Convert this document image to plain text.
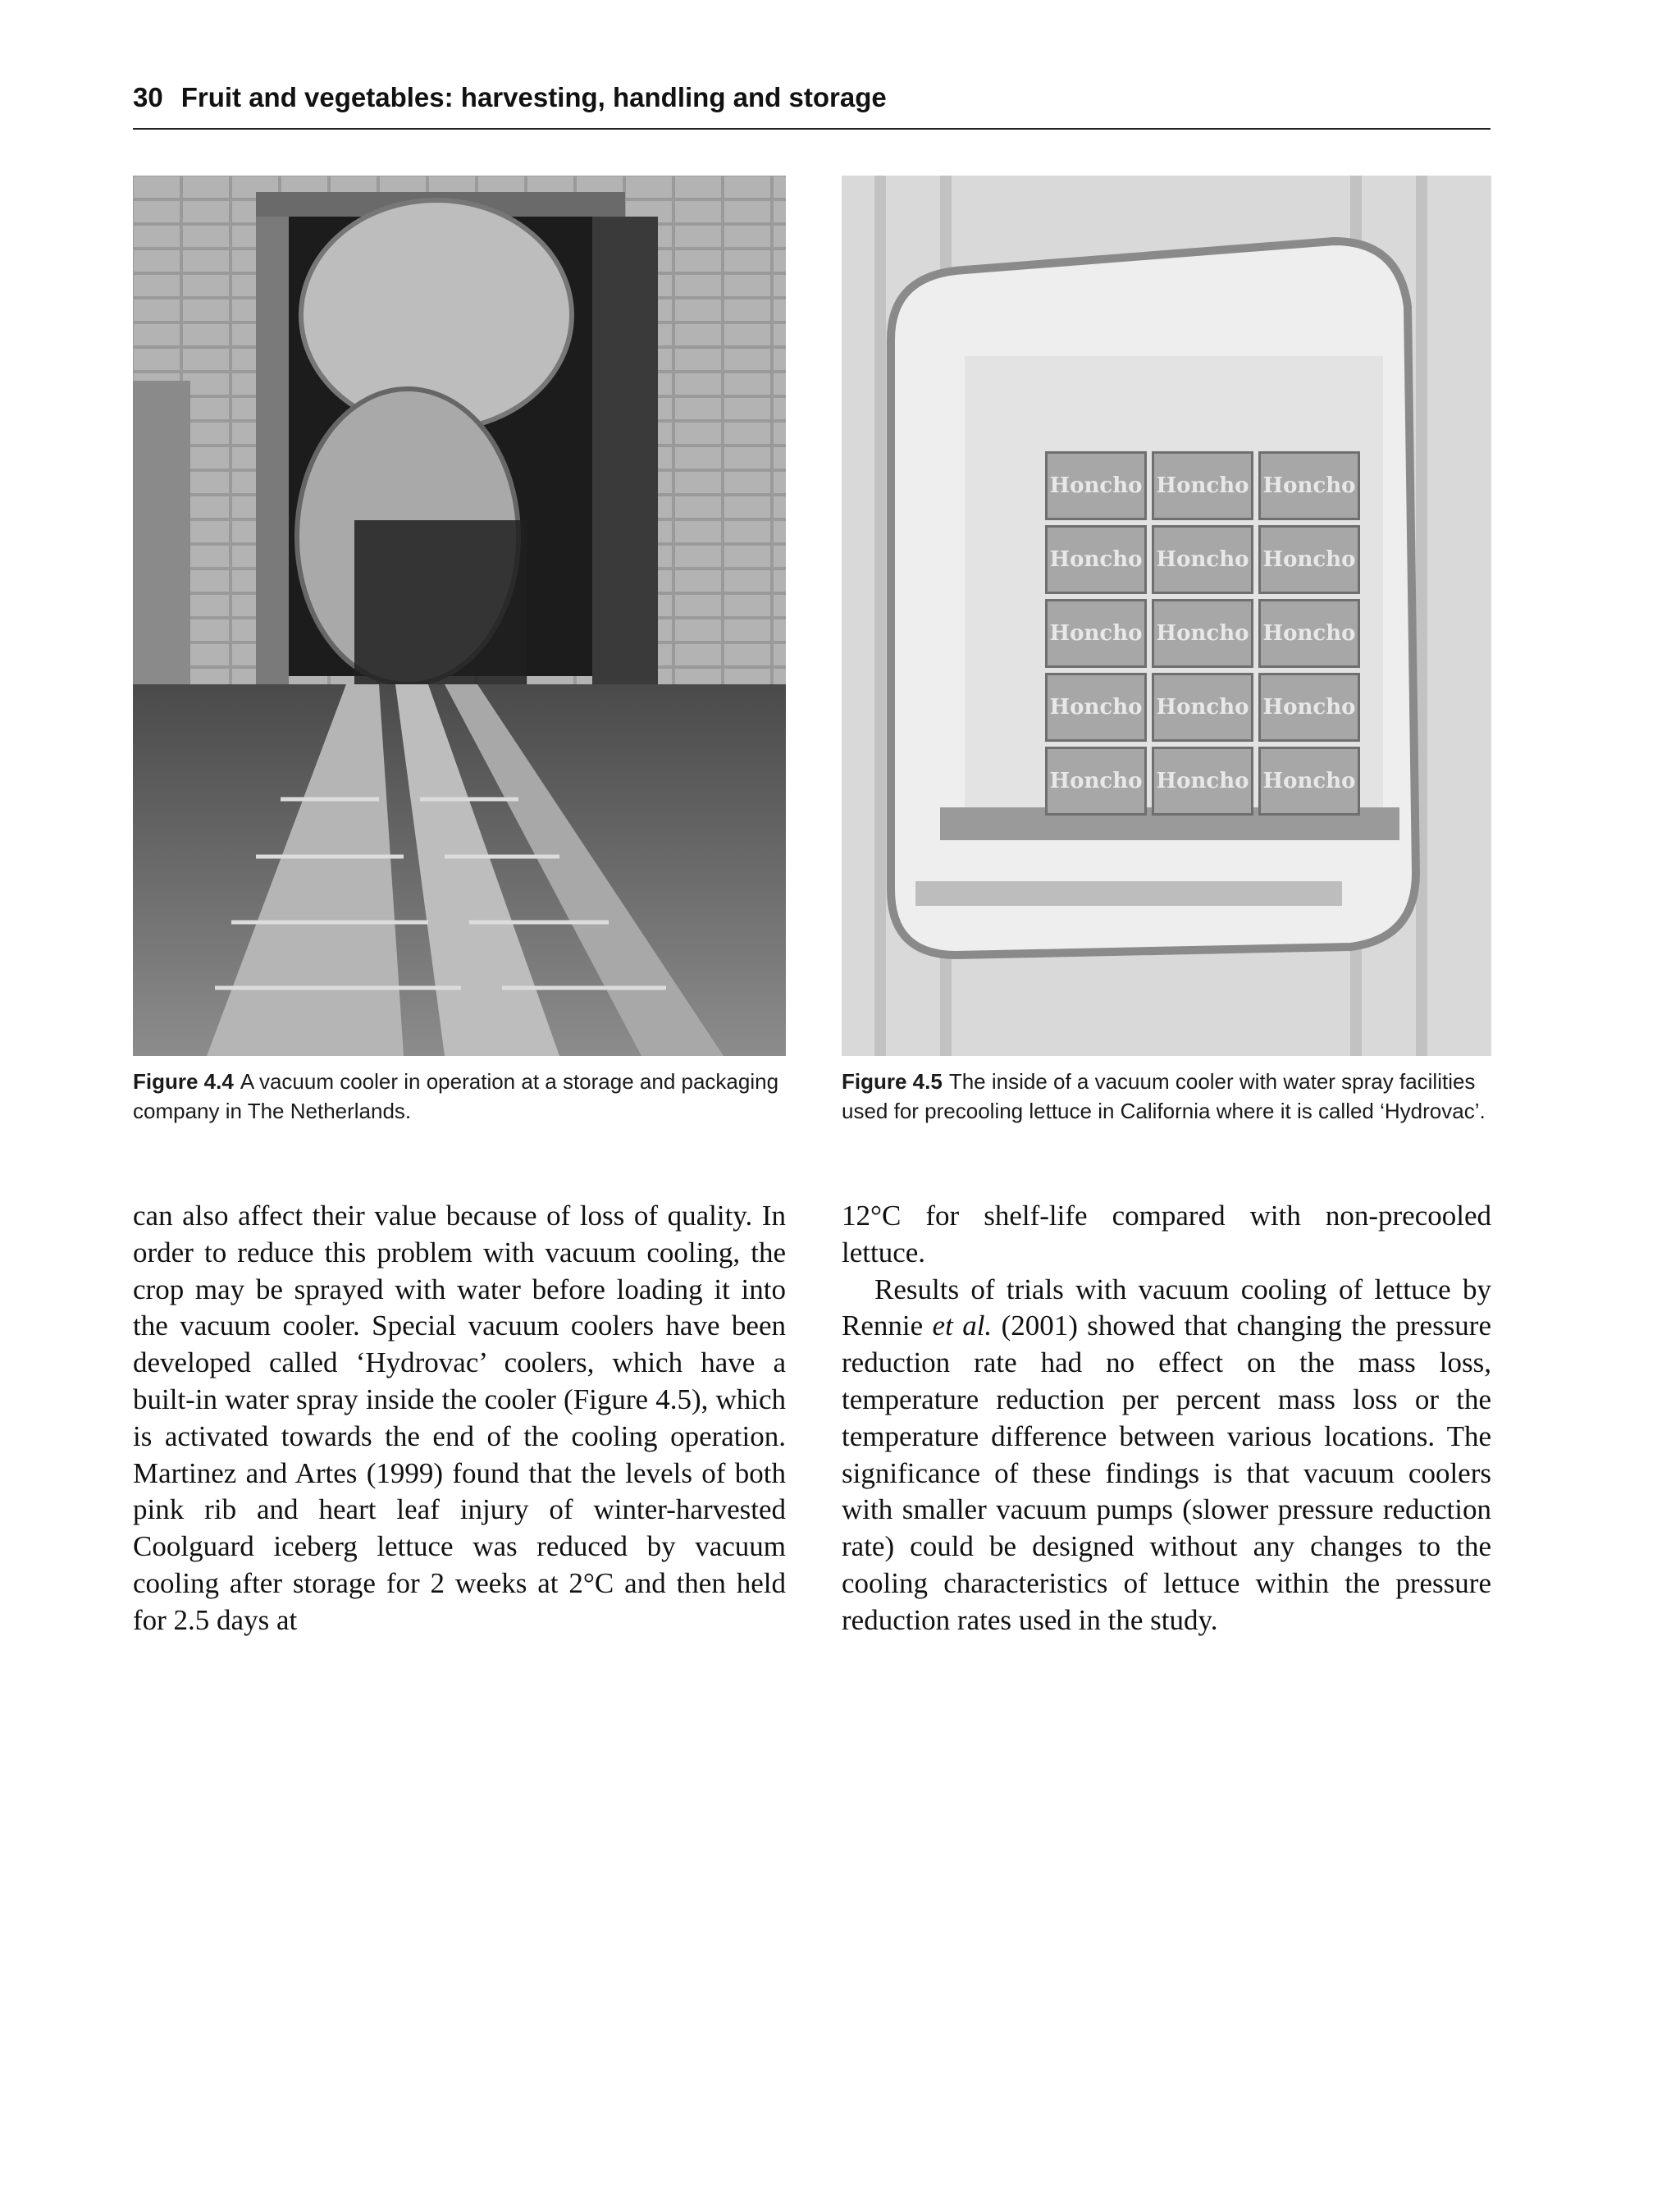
30 Fruit and vegetables: harvesting, handling and storage
Honcho Honcho Honcho
Honcho Honcho Honcho
Honcho Honcho Honcho
Honcho Honcho Honcho
Honcho Honcho Honcho
Figure 4.4 A vacuum cooler in operation at a storage and packaging company in The Netherlands.
Figure 4.5 The inside of a vacuum cooler with water spray facilities used for precooling lettuce in California where it is called ‘Hydrovac’.

can also affect their value because of loss of quality. In order to reduce this problem with vacuum cooling, the crop may be sprayed with water before loading it into the vacuum cooler. Special vacuum coolers have been developed called ‘Hydrovac’ coolers, which have a built-in water spray inside the cooler (Figure 4.5), which is activated towards the end of the cooling operation. Martinez and Artes (1999) found that the levels of both pink rib and heart leaf injury of winter-harvested Coolguard iceberg lettuce was reduced by vacuum cooling after storage for 2 weeks at 2°C and then held for 2.5 days at

12°C for shelf-life compared with non-precooled lettuce.

Results of trials with vacuum cooling of lettuce by Rennie et al. (2001) showed that changing the pressure reduction rate had no effect on the mass loss, temperature reduction per percent mass loss or the temperature difference between various locations. The significance of these findings is that vacuum coolers with smaller vacuum pumps (slower pressure reduction rate) could be designed without any changes to the cooling characteristics of lettuce within the pressure reduction rates used in the study.
